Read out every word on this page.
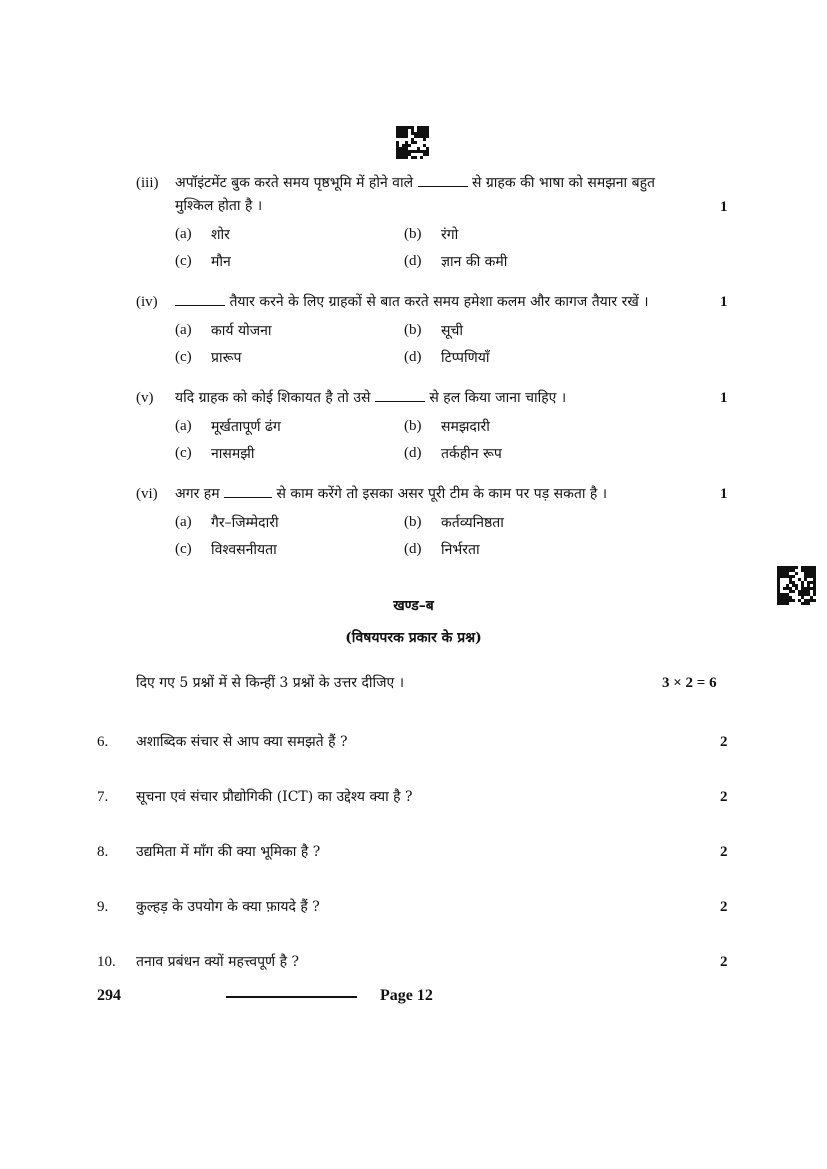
(iii) अपॉइंटमेंट बुक करते समय पृष्ठभूमि में होने वाले	से ग्राहक की भाषा को समझना बहुत
मुश्किल होता है ।	1
(a) शोर	(b) रंगो
(c) मौन	(d) ज्ञान की कमी
(iv)	तैयार करने के लिए ग्राहकों से बात करते समय हमेशा कलम और कागज तैयार रखें ।	1
(a) कार्य योजना	(b) सूची
(c) प्रारूप	(d) टिप्पणियाँ
(v) यदि ग्राहक को कोई शिकायत है तो उसे	से हल किया जाना चाहिए ।	1
(a) मूर्खतापूर्ण ढंग	(b) समझदारी
(c) नासमझी	(d) तर्कहीन रूप
(vi) अगर हम	से काम करेंगे तो इसका असर पूरी टीम के काम पर पड़ सकता है ।	1
(a) गैर–जिम्मेदारी	(b) कर्तव्यनिष्ठता
(c) विश्वसनीयता	(d) निर्भरता
खण्ड–ब
(विषयपरक प्रकार के प्रश्न)
दिए गए 5 प्रश्नों में से किन्हीं 3 प्रश्नों के उत्तर दीजिए ।	3 × 2 = 6
6. अशाब्दिक संचार से आप क्या समझते हैं ?	2
7. सूचना एवं संचार प्रौद्योगिकी (ICT) का उद्देश्य क्या है ?	2
8. उद्यमिता में माँग की क्या भूमिका है ?	2
9. कुल्हड़ के उपयोग के क्या फ़ायदे हैं ?	2
10. तनाव प्रबंधन क्यों महत्त्वपूर्ण है ?	2
294	Page 12
